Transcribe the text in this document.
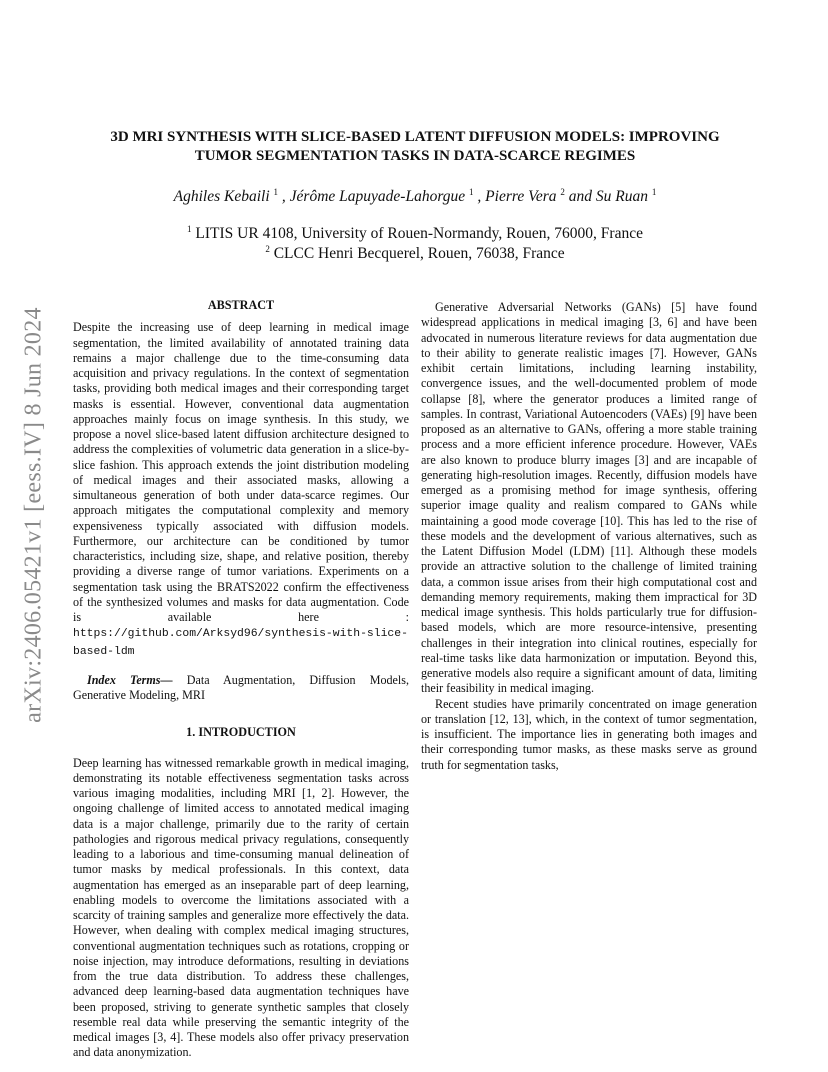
arXiv:2406.05421v1 [eess.IV] 8 Jun 2024
3D MRI SYNTHESIS WITH SLICE-BASED LATENT DIFFUSION MODELS: IMPROVING
TUMOR SEGMENTATION TASKS IN DATA-SCARCE REGIMES
Aghiles Kebaili $^1$ , Jérôme Lapuyade-Lahorgue $^1$ , Pierre Vera $^2$ and Su Ruan $^1$
$^1$ LITIS UR 4108, University of Rouen-Normandy, Rouen, 76000, France
$^2$ CLCC Henri Becquerel, Rouen, 76038, France
ABSTRACT

Despite the increasing use of deep learning in medical image segmentation, the limited availability of annotated training data remains a major challenge due to the time-consuming data acquisition and privacy regulations. In the context of segmentation tasks, providing both medical images and their corresponding target masks is essential. However, conventional data augmentation approaches mainly focus on image synthesis. In this study, we propose a novel slice-based latent diffusion architecture designed to address the complexities of volumetric data generation in a slice-by-slice fashion. This approach extends the joint distribution modeling of medical images and their associated masks, allowing a simultaneous generation of both under data-scarce regimes. Our approach mitigates the computational complexity and memory expensiveness typically associated with diffusion models. Furthermore, our architecture can be conditioned by tumor characteristics, including size, shape, and relative position, thereby providing a diverse range of tumor variations. Experiments on a segmentation task using the BRATS2022 confirm the effectiveness of the synthesized volumes and masks for data augmentation. Code is available here : https://github.com/Arksyd96/synthesis-with-slice-based-ldm

Index Terms— Data Augmentation, Diffusion Models, Generative Modeling, MRI

1. INTRODUCTION

Deep learning has witnessed remarkable growth in medical imaging, demonstrating its notable effectiveness segmentation tasks across various imaging modalities, including MRI [1, 2]. However, the ongoing challenge of limited access to annotated medical imaging data is a major challenge, primarily due to the rarity of certain pathologies and rigorous medical privacy regulations, consequently leading to a laborious and time-consuming manual delineation of tumor masks by medical professionals. In this context, data augmentation has emerged as an inseparable part of deep learning, enabling models to overcome the limitations associated with a scarcity of training samples and generalize more effectively the data. However, when dealing with complex medical imaging structures, conventional augmentation techniques such as rotations, cropping or noise injection, may introduce deformations, resulting in deviations from the true data distribution. To address these challenges, advanced deep learning-based data augmentation techniques have been proposed, striving to generate synthetic samples that closely resemble real data while preserving the semantic integrity of the medical images [3, 4]. These models also offer privacy preservation and data anonymization.

Generative Adversarial Networks (GANs) [5] have found widespread applications in medical imaging [3, 6] and have been advocated in numerous literature reviews for data augmentation due to their ability to generate realistic images [7]. However, GANs exhibit certain limitations, including learning instability, convergence issues, and the well-documented problem of mode collapse [8], where the generator produces a limited range of samples. In contrast, Variational Autoencoders (VAEs) [9] have been proposed as an alternative to GANs, offering a more stable training process and a more efficient inference procedure. However, VAEs are also known to produce blurry images [3] and are incapable of generating high-resolution images. Recently, diffusion models have emerged as a promising method for image synthesis, offering superior image quality and realism compared to GANs while maintaining a good mode coverage [10]. This has led to the rise of these models and the development of various alternatives, such as the Latent Diffusion Model (LDM) [11]. Although these models provide an attractive solution to the challenge of limited training data, a common issue arises from their high computational cost and demanding memory requirements, making them impractical for 3D medical image synthesis. This holds particularly true for diffusion-based models, which are more resource-intensive, presenting challenges in their integration into clinical routines, especially for real-time tasks like data harmonization or imputation. Beyond this, generative models also require a significant amount of data, limiting their feasibility in medical imaging.

Recent studies have primarily concentrated on image generation or translation [12, 13], which, in the context of tumor segmentation, is insufficient. The importance lies in generating both images and their corresponding tumor masks, as these masks serve as ground truth for segmentation tasks,
